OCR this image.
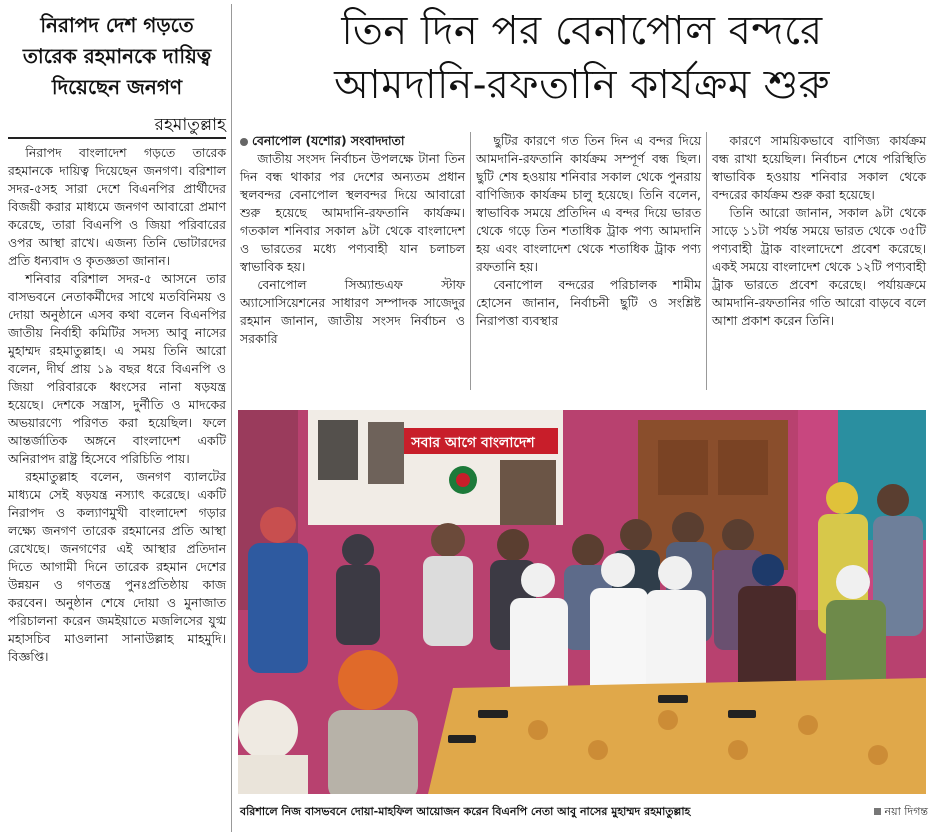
নিরাপদ দেশ গড়তে
তারেক রহমানকে দায়িত্ব
দিয়েছেন জনগণ
রহমাতুল্লাহ

নিরাপদ বাংলাদেশ গড়তে তারেক রহমানকে দায়িত্ব দিয়েছেন জনগণ। বরিশাল সদর-৫সহ সারা দেশে বিএনপির প্রার্থীদের বিজয়ী করার মাধ্যমে জনগণ আবারো প্রমাণ করেছে, তারা বিএনপি ও জিয়া পরিবারের ওপর আস্থা রাখে। এজন্য তিনি ভোটারদের প্রতি ধন্যবাদ ও কৃতজ্ঞতা জানান।

শনিবার বরিশাল সদর-৫ আসনে তার বাসভবনে নেতাকর্মীদের সাথে মতবিনিময় ও দোয়া অনুষ্ঠানে এসব কথা বলেন বিএনপির জাতীয় নির্বাহী কমিটির সদস্য আবু নাসের মুহাম্মদ রহমাতুল্লাহ। এ সময় তিনি আরো বলেন, দীর্ঘ প্রায় ১৯ বছর ধরে বিএনপি ও জিয়া পরিবারকে ধ্বংসের নানা ষড়যন্ত্র হয়েছে। দেশকে সন্ত্রাস, দুর্নীতি ও মাদকের অভয়ারণ্যে পরিণত করা হয়েছিল। ফলে আন্তর্জাতিক অঙ্গনে বাংলাদেশ একটি অনিরাপদ রাষ্ট্র হিসেবে পরিচিতি পায়।

রহমাতুল্লাহ বলেন, জনগণ ব্যালটের মাধ্যমে সেই ষড়যন্ত্র নস্যাৎ করেছে। একটি নিরাপদ ও কল্যাণমুখী বাংলাদেশ গড়ার লক্ষ্যে জনগণ তারেক রহমানের প্রতি আস্থা রেখেছে। জনগণের এই আস্থার প্রতিদান দিতে আগামী দিনে তারেক রহমান দেশের উন্নয়ন ও গণতন্ত্র পুনঃপ্রতিষ্ঠায় কাজ করবেন। অনুষ্ঠান শেষে দোয়া ও মুনাজাত পরিচালনা করেন জমইয়াতে মজলিসের যুগ্ম মহাসচিব মাওলানা সানাউল্লাহ মাহমুদি। বিজ্ঞপ্তি।

তিন দিন পর বেনাপোল বন্দরে
আমদানি-রফতানি কার্যক্রম শুরু
বেনাপোল (যশোর) সংবাদদাতা

জাতীয় সংসদ নির্বাচন উপলক্ষে টানা তিন দিন বন্ধ থাকার পর দেশের অন্যতম প্রধান স্থলবন্দর বেনাপোল স্থলবন্দর দিয়ে আবারো শুরু হয়েছে আমদানি-রফতানি কার্যক্রম। গতকাল শনিবার সকাল ৯টা থেকে বাংলাদেশ ও ভারতের মধ্যে পণ্যবাহী যান চলাচল স্বাভাবিক হয়।

বেনাপোল সিঅ্যান্ডএফ স্টাফ অ্যাসোসিয়েশনের সাধারণ সম্পাদক সাজেদুর রহমান জানান, জাতীয় সংসদ নির্বাচন ও সরকারি

ছুটির কারণে গত তিন দিন এ বন্দর দিয়ে আমদানি-রফতানি কার্যক্রম সম্পূর্ণ বন্ধ ছিল। ছুটি শেষ হওয়ায় শনিবার সকাল থেকে পুনরায় বাণিজ্যিক কার্যক্রম চালু হয়েছে। তিনি বলেন, স্বাভাবিক সময়ে প্রতিদিন এ বন্দর দিয়ে ভারত থেকে গড়ে তিন শতাধিক ট্রাক পণ্য আমদানি হয় এবং বাংলাদেশ থেকে শতাধিক ট্রাক পণ্য রফতানি হয়।

বেনাপোল বন্দরের পরিচালক শামীম হোসেন জানান, নির্বাচনী ছুটি ও সংশ্লিষ্ট নিরাপত্তা ব্যবস্থার

কারণে সাময়িকভাবে বাণিজ্য কার্যক্রম বন্ধ রাখা হয়েছিল। নির্বাচন শেষে পরিস্থিতি স্বাভাবিক হওয়ায় শনিবার সকাল থেকে বন্দরের কার্যক্রম শুরু করা হয়েছে।

তিনি আরো জানান, সকাল ৯টা থেকে সাড়ে ১১টা পর্যন্ত সময়ে ভারত থেকে ৩৫টি পণ্যবাহী ট্রাক বাংলাদেশে প্রবেশ করেছে। একই সময়ে বাংলাদেশ থেকে ১২টি পণ্যবাহী ট্রাক ভারতে প্রবেশ করেছে। পর্যায়ক্রমে আমদানি-রফতানির গতি আরো বাড়বে বলে আশা প্রকাশ করেন তিনি।

সবার আগে বাংলাদেশ
বরিশালে নিজ বাসভবনে দোয়া-মাহফিল আয়োজন করেন বিএনপি নেতা আবু নাসের মুহাম্মদ রহমাতুল্লাহ	নয়া দিগন্ত
